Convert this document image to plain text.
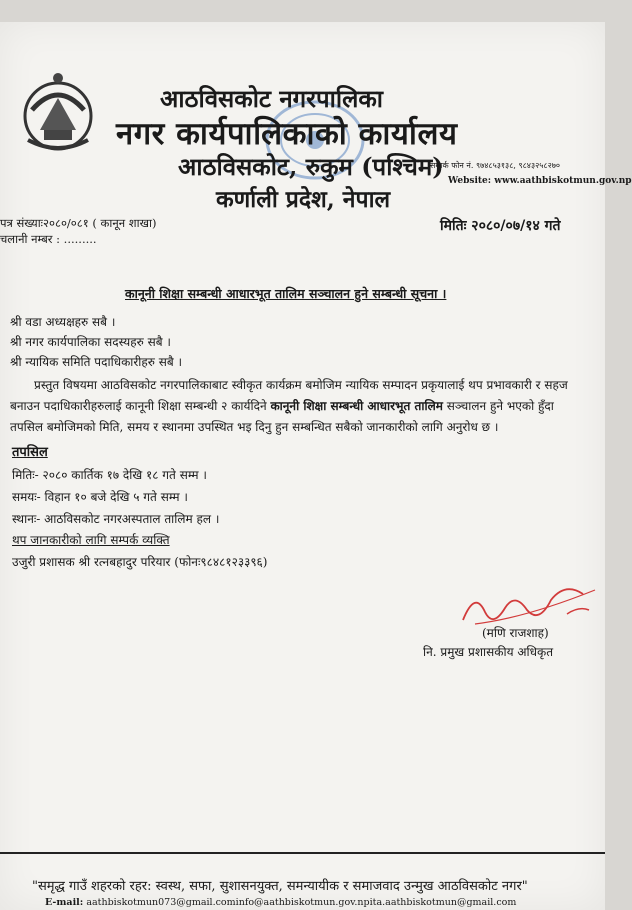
आठविसकोट नगरपालिका
नगर कार्यपालिकाको कार्यालय
आठविसकोट, रुकुम (पश्चिम)
कर्णाली प्रदेश, नेपाल
सम्पर्क फोन नं. ९७४८५३१३८, ९८४३२५८२७०
Website: www.aathbiskotmun.gov.np
पत्र संख्याः२०८०/०८१ ( कानून शाखा)
चलानी नम्बर : .........
मितिः २०८०/०७/१४ गते
कानूनी शिक्षा सम्बन्धी आधारभूत तालिम सञ्चालन हुने सम्बन्धी सूचना ।
श्री वडा अध्यक्षहरु सबै ।
श्री नगर कार्यपालिका सदस्यहरु सबै ।
श्री न्यायिक समिति पदाधिकारीहरु सबै ।
प्रस्तुत विषयमा आठविसकोट नगरपालिकाबाट स्वीकृत कार्यक्रम बमोजिम न्यायिक सम्पादन प्रकृयालाई थप प्रभावकारी र सहज बनाउन पदाधिकारीहरुलाई कानूनी शिक्षा सम्बन्धी २ कार्यदिने कानूनी शिक्षा सम्बन्धी आधारभूत तालिम सञ्चालन हुने भएको हुँदा तपसिल बमोजिमको मिति, समय र स्थानमा उपस्थित भइ दिनु हुन सम्बन्धित सबैको जानकारीको लागि अनुरोध छ ।
तपसिल
मितिः- २०८० कार्तिक १७ देखि १८ गते सम्म ।
समयः- विहान १० बजे देखि ५ गते सम्म ।
स्थानः- आठविसकोट नगरअस्पताल तालिम हल ।
थप जानकारीको लागि सम्पर्क व्यक्ति
उजुरी प्रशासक श्री रत्नबहादुर परियार (फोनः९८४८१२३३९६)
(मणि राजशाह)
नि. प्रमुख प्रशासकीय अधिकृत
"समृद्ध गाउँ शहरको रहर: स्वस्थ, सफा, सुशासनयुक्त, समन्यायीक र समाजवाद उन्मुख आठविसकोट नगर"
E-mail: aathbiskotmun073@gmail.cominfo@aathbiskotmun.gov.npita.aathbiskotmun@gmail.com
